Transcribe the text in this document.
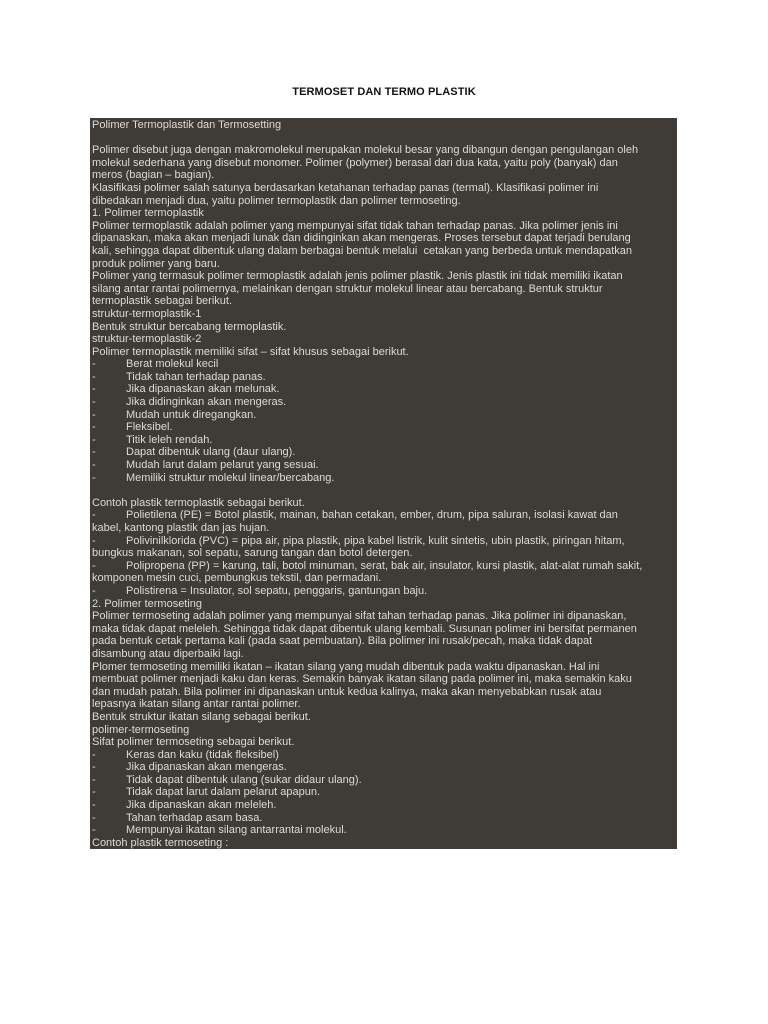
TERMOSET DAN TERMO PLASTIK
Polimer Termoplastik dan Termosetting
Polimer disebut juga dengan makromolekul merupakan molekul besar yang dibangun dengan pengulangan oleh
molekul sederhana yang disebut monomer. Polimer (polymer) berasal dari dua kata, yaitu poly (banyak) dan
meros (bagian – bagian).
Klasifikasi polimer salah satunya berdasarkan ketahanan terhadap panas (termal). Klasifikasi polimer ini
dibedakan menjadi dua, yaitu polimer termoplastik dan polimer termoseting.
1. Polimer termoplastik
Polimer termoplastik adalah polimer yang mempunyai sifat tidak tahan terhadap panas. Jika polimer jenis ini
dipanaskan, maka akan menjadi lunak dan didinginkan akan mengeras. Proses tersebut dapat terjadi berulang
kali, sehingga dapat dibentuk ulang dalam berbagai bentuk melalui  cetakan yang berbeda untuk mendapatkan
produk polimer yang baru.
Polimer yang termasuk polimer termoplastik adalah jenis polimer plastik. Jenis plastik ini tidak memiliki ikatan
silang antar rantai polimernya, melainkan dengan struktur molekul linear atau bercabang. Bentuk struktur
termoplastik sebagai berikut.
struktur-termoplastik-1
Bentuk struktur bercabang termoplastik.
struktur-termoplastik-2
Polimer termoplastik memiliki sifat – sifat khusus sebagai berikut.
-	Berat molekul kecil
-	Tidak tahan terhadap panas.
-	Jika dipanaskan akan melunak.
-	Jika didinginkan akan mengeras.
-	Mudah untuk diregangkan.
-	Fleksibel.
-	Titik leleh rendah.
-	Dapat dibentuk ulang (daur ulang).
-	Mudah larut dalam pelarut yang sesuai.
-	Memiliki struktur molekul linear/bercabang.
Contoh plastik termoplastik sebagai berikut.
-	Polietilena (PE) = Botol plastik, mainan, bahan cetakan, ember, drum, pipa saluran, isolasi kawat dan
kabel, kantong plastik dan jas hujan.
-	Polivinilklorida (PVC) = pipa air, pipa plastik, pipa kabel listrik, kulit sintetis, ubin plastik, piringan hitam,
bungkus makanan, sol sepatu, sarung tangan dan botol detergen.
-	Polipropena (PP) = karung, tali, botol minuman, serat, bak air, insulator, kursi plastik, alat-alat rumah sakit,
komponen mesin cuci, pembungkus tekstil, dan permadani.
-	Polistirena = Insulator, sol sepatu, penggaris, gantungan baju.
2. Polimer termoseting
Polimer termoseting adalah polimer yang mempunyai sifat tahan terhadap panas. Jika polimer ini dipanaskan,
maka tidak dapat meleleh. Sehingga tidak dapat dibentuk ulang kembali. Susunan polimer ini bersifat permanen
pada bentuk cetak pertama kali (pada saat pembuatan). Bila polimer ini rusak/pecah, maka tidak dapat
disambung atau diperbaiki lagi.
Plomer termoseting memiliki ikatan – ikatan silang yang mudah dibentuk pada waktu dipanaskan. Hal ini
membuat polimer menjadi kaku dan keras. Semakin banyak ikatan silang pada polimer ini, maka semakin kaku
dan mudah patah. Bila polimer ini dipanaskan untuk kedua kalinya, maka akan menyebabkan rusak atau
lepasnya ikatan silang antar rantai polimer.
Bentuk struktur ikatan silang sebagai berikut.
polimer-termoseting
Sifat polimer termoseting sebagai berikut.
-	Keras dan kaku (tidak fleksibel)
-	Jika dipanaskan akan mengeras.
-	Tidak dapat dibentuk ulang (sukar didaur ulang).
-	Tidak dapat larut dalam pelarut apapun.
-	Jika dipanaskan akan meleleh.
-	Tahan terhadap asam basa.
-	Mempunyai ikatan silang antarrantai molekul.
Contoh plastik termoseting :
